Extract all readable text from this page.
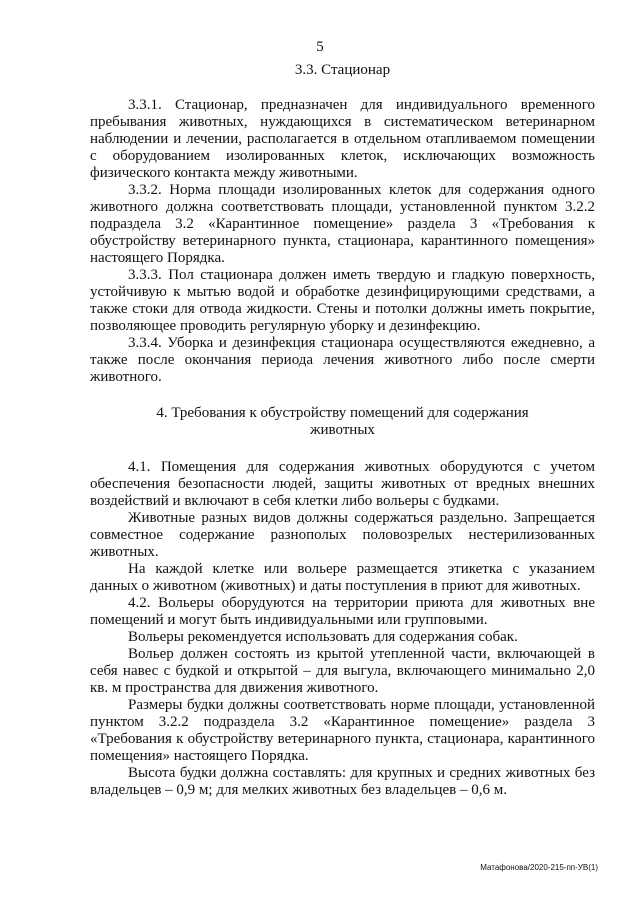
5
3.3. Стационар

3.3.1. Стационар, предназначен для индивидуального временного пребывания животных, нуждающихся в систематическом ветеринарном наблюдении и лечении, располагается в отдельном отапливаемом помещении с оборудованием изолированных клеток, исключающих возможность физического контакта между животными.

3.3.2. Норма площади изолированных клеток для содержания одного животного должна соответствовать площади, установленной пунктом 3.2.2 подраздела 3.2 «Карантинное помещение» раздела 3 «Требования к обустройству ветеринарного пункта, стационара, карантинного помещения» настоящего Порядка.

3.3.3. Пол стационара должен иметь твердую и гладкую поверхность, устойчивую к мытью водой и обработке дезинфицирующими средствами, а также стоки для отвода жидкости. Стены и потолки должны иметь покрытие, позволяющее проводить регулярную уборку и дезинфекцию.

3.3.4. Уборка и дезинфекция стационара осуществляются ежедневно, а также после окончания периода лечения животного либо после смерти животного.

4. Требования к обустройству помещений для содержания
животных

4.1. Помещения для содержания животных оборудуются с учетом обеспечения безопасности людей, защиты животных от вредных внешних воздействий и включают в себя клетки либо вольеры с будками.

Животные разных видов должны содержаться раздельно. Запрещается совместное содержание разнополых половозрелых нестерилизованных животных.

На каждой клетке или вольере размещается этикетка с указанием данных о животном (животных) и даты поступления в приют для животных.

4.2. Вольеры оборудуются на территории приюта для животных вне помещений и могут быть индивидуальными или групповыми.

Вольеры рекомендуется использовать для содержания собак.

Вольер должен состоять из крытой утепленной части, включающей в себя навес с будкой и открытой – для выгула, включающего минимально 2,0 кв. м пространства для движения животного.

Размеры будки должны соответствовать норме площади, установленной пунктом 3.2.2 подраздела 3.2 «Карантинное помещение» раздела 3 «Требования к обустройству ветеринарного пункта, стационара, карантинного помещения» настоящего Порядка.

Высота будки должна составлять: для крупных и средних животных без владельцев – 0,9 м; для мелких животных без владельцев – 0,6 м.

Матафонова/2020-215-пп-УВ(1)
